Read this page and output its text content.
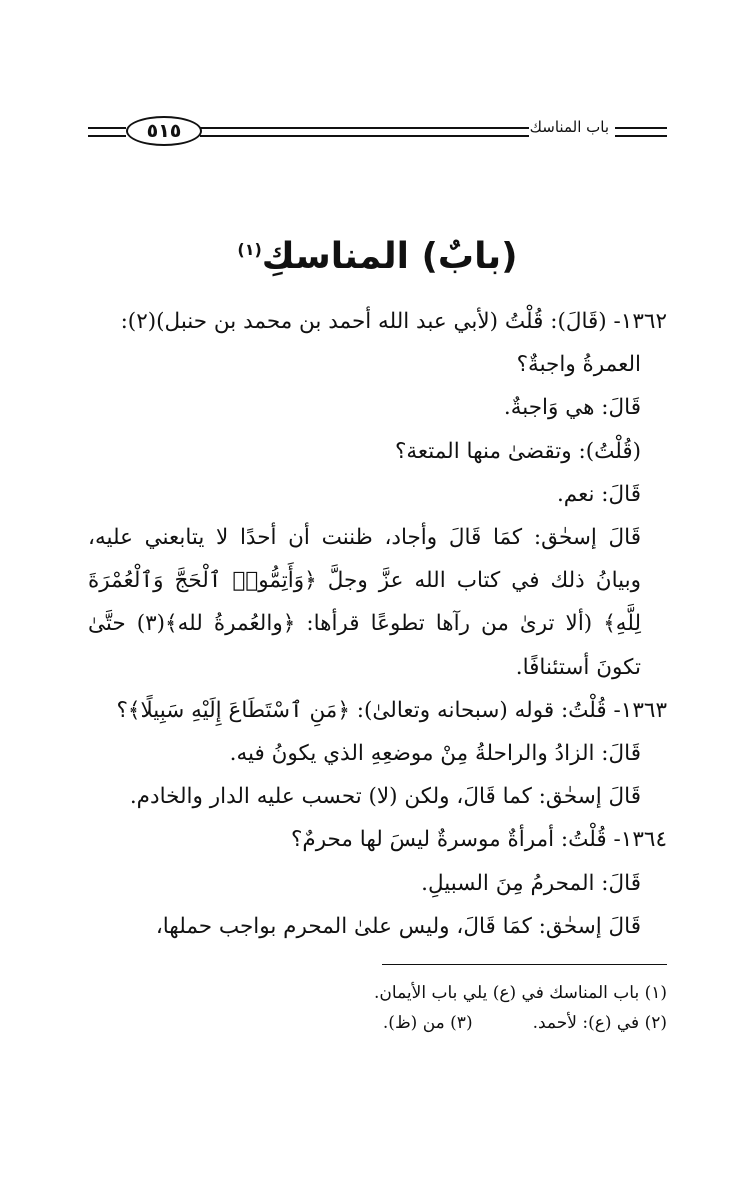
٥١٥	باب المناسك
(بابٌ) المناسكِ$^{(١)}$

١٣٦٢- (قَالَ): قُلْتُ (لأبي عبد الله أحمد بن محمد بن حنبل)(٢):

العمرةُ واجبةٌ؟

قَالَ: هي وَاجبةٌ.

(قُلْتُ): وتقضىٰ منها المتعة؟

قَالَ: نعم.

قَالَ إسحٰق: كمَا قَالَ وأجاد، ظننت أن أحدًا لا يتابعني عليه، وبيانُ ذلك في كتاب الله عزَّ وجلَّ ﴿وَأَتِمُّوا۟ ٱلْحَجَّ وَٱلْعُمْرَةَ لِلَّهِ﴾ (ألا ترىٰ من رآها تطوعًا قرأها: ﴿والعُمرةُ لله﴾(٣) حتَّىٰ تكونَ أستئنافًا.

١٣٦٣- قُلْتُ: قوله (سبحانه وتعالىٰ): ﴿مَنِ ٱسْتَطَاعَ إِلَيْهِ سَبِيلًا﴾؟

قَالَ: الزادُ والراحلةُ مِنْ موضعِهِ الذي يكونُ فيه.

قَالَ إسحٰق: كما قَالَ، ولكن (لا) تحسب عليه الدار والخادم.

١٣٦٤- قُلْتُ: أمرأةٌ موسرةٌ ليسَ لها محرمٌ؟

قَالَ: المحرمُ مِنَ السبيلِ.

قَالَ إسحٰق: كمَا قَالَ، وليس علىٰ المحرم بواجب حملها،

(١) باب المناسك في (ع) يلي باب الأيمان.

(٢) في (ع): لأحمد.
(٣) من (ظ).
